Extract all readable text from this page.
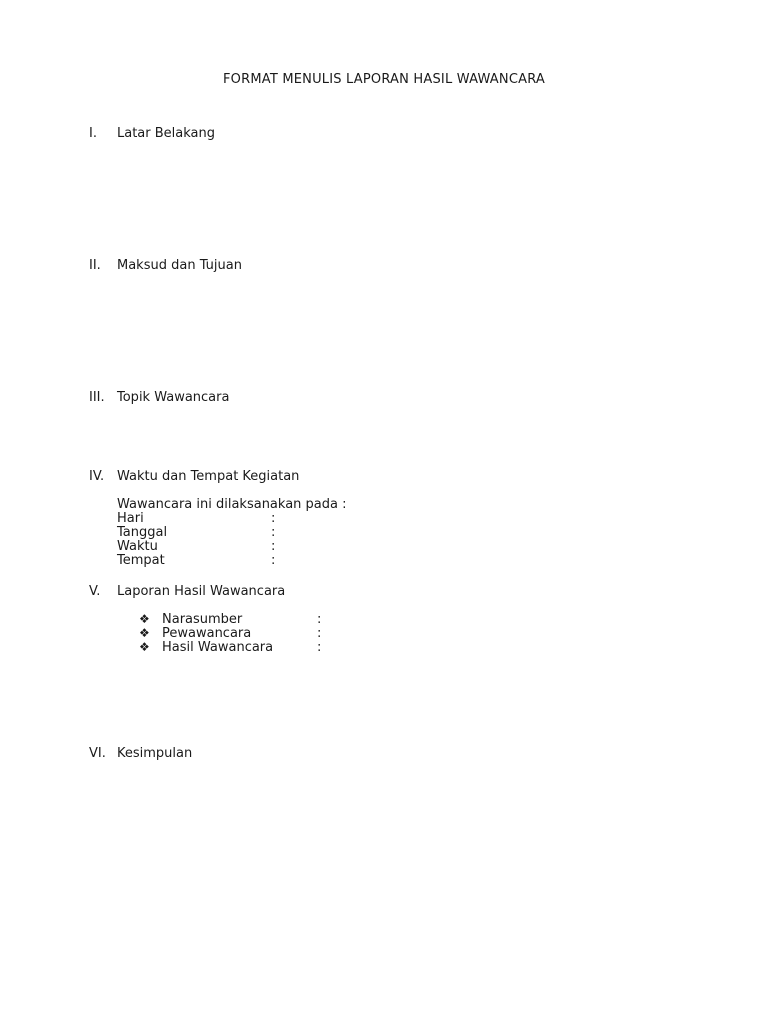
FORMAT MENULIS LAPORAN HASIL WAWANCARA
I. Latar Belakang
II. Maksud dan Tujuan
III. Topik Wawancara
IV. Waktu dan Tempat Kegiatan
Wawancara ini dilaksanakan pada :
Hari	:
Tanggal	:
Waktu	:
Tempat	:
V. Laporan Hasil Wawancara
❖ Narasumber	:
❖ Pewawancara	:
❖ Hasil Wawancara	:
VI. Kesimpulan
